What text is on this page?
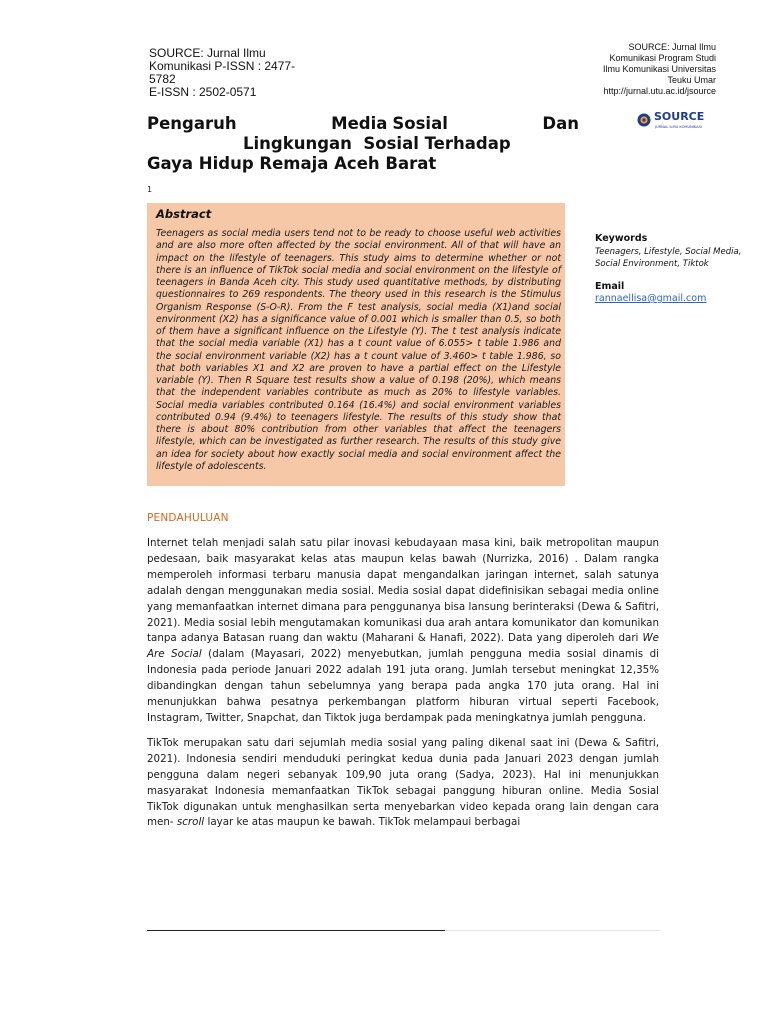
SOURCE: Jurnal Ilmu
Komunikasi P-ISSN : 2477-
5782
E-ISSN : 2502-0571
SOURCE: Jurnal Ilmu
Komunikasi Program Studi
Ilmu Komunikasi Universitas
Teuku Umar
http://jurnal.utu.ac.id/jsource
SOURCE
JURNAL ILMU KOMUNIKASI
Pengaruh	Media Sosial	Dan
Lingkungan  Sosial Terhadap
Gaya Hidup Remaja Aceh Barat
1
Abstract

Teenagers as social media users tend not to be ready to choose useful web activities and are also more often affected by the social environment. All of that will have an impact on the lifestyle of teenagers. This study aims to determine whether or not there is an influence of TikTok social media and social environment on the lifestyle of teenagers in Banda Aceh city. This study used quantitative methods, by distributing questionnaires to 269 respondents. The theory used in this research is the Stimulus Organism Response (S-O-R). From the F test analysis, social media (X1)and social environment (X2) has a significance value of 0.001 which is smaller than 0.5, so both of them have a significant influence on the Lifestyle (Y). The t test analysis indicate that the social media variable (X1) has a t count value of 6.055> t table 1.986 and the social environment variable (X2) has a t count value of 3.460> t table 1.986, so that both variables X1 and X2 are proven to have a partial effect on the Lifestyle variable (Y). Then R Square test results show a value of 0.198 (20%), which means that the independent variables contribute as much as 20% to lifestyle variables. Social media variables contributed 0.164 (16.4%) and social environment variables contributed 0.94 (9.4%) to teenagers lifestyle. The results of this study show that there is about 80% contribution from other variables that affect the teenagers lifestyle, which can be investigated as further research. The results of this study give an idea for society about how exactly social media and social environment affect the lifestyle of adolescents.

Keywords
Teenagers, Lifestyle, Social Media,
Social Environment, Tiktok
Email
rannaellisa@gmail.com
PENDAHULUAN

Internet telah menjadi salah satu pilar inovasi kebudayaan masa kini, baik metropolitan maupun pedesaan, baik masyarakat kelas atas maupun kelas bawah (Nurrizka, 2016) . Dalam rangka memperoleh informasi terbaru manusia dapat mengandalkan jaringan internet, salah satunya adalah dengan menggunakan media sosial. Media sosial dapat didefinisikan sebagai media online yang memanfaatkan internet dimana para penggunanya bisa lansung berinteraksi (Dewa & Safitri, 2021). Media sosial lebih mengutamakan komunikasi dua arah antara komunikator dan komunikan tanpa adanya Batasan ruang dan waktu (Maharani & Hanafi, 2022). Data yang diperoleh dari We Are Social (dalam (Mayasari, 2022) menyebutkan, jumlah pengguna media sosial dinamis di Indonesia pada periode Januari 2022 adalah 191 juta orang. Jumlah tersebut meningkat 12,35% dibandingkan dengan tahun sebelumnya yang berapa pada angka 170 juta orang. Hal ini menunjukkan bahwa pesatnya perkembangan platform hiburan virtual seperti Facebook, Instagram, Twitter, Snapchat, dan Tiktok juga berdampak pada meningkatnya jumlah pengguna.

TikTok merupakan satu dari sejumlah media sosial yang paling dikenal saat ini (Dewa & Safitri, 2021). Indonesia sendiri menduduki peringkat kedua dunia pada Januari 2023 dengan jumlah pengguna dalam negeri sebanyak 109,90 juta orang (Sadya, 2023). Hal ini menunjukkan masyarakat Indonesia memanfaatkan TikTok sebagai panggung hiburan online. Media Sosial TikTok digunakan untuk menghasilkan serta menyebarkan video kepada orang lain dengan cara men- scroll layar ke atas maupun ke bawah. TikTok melampaui berbagai
